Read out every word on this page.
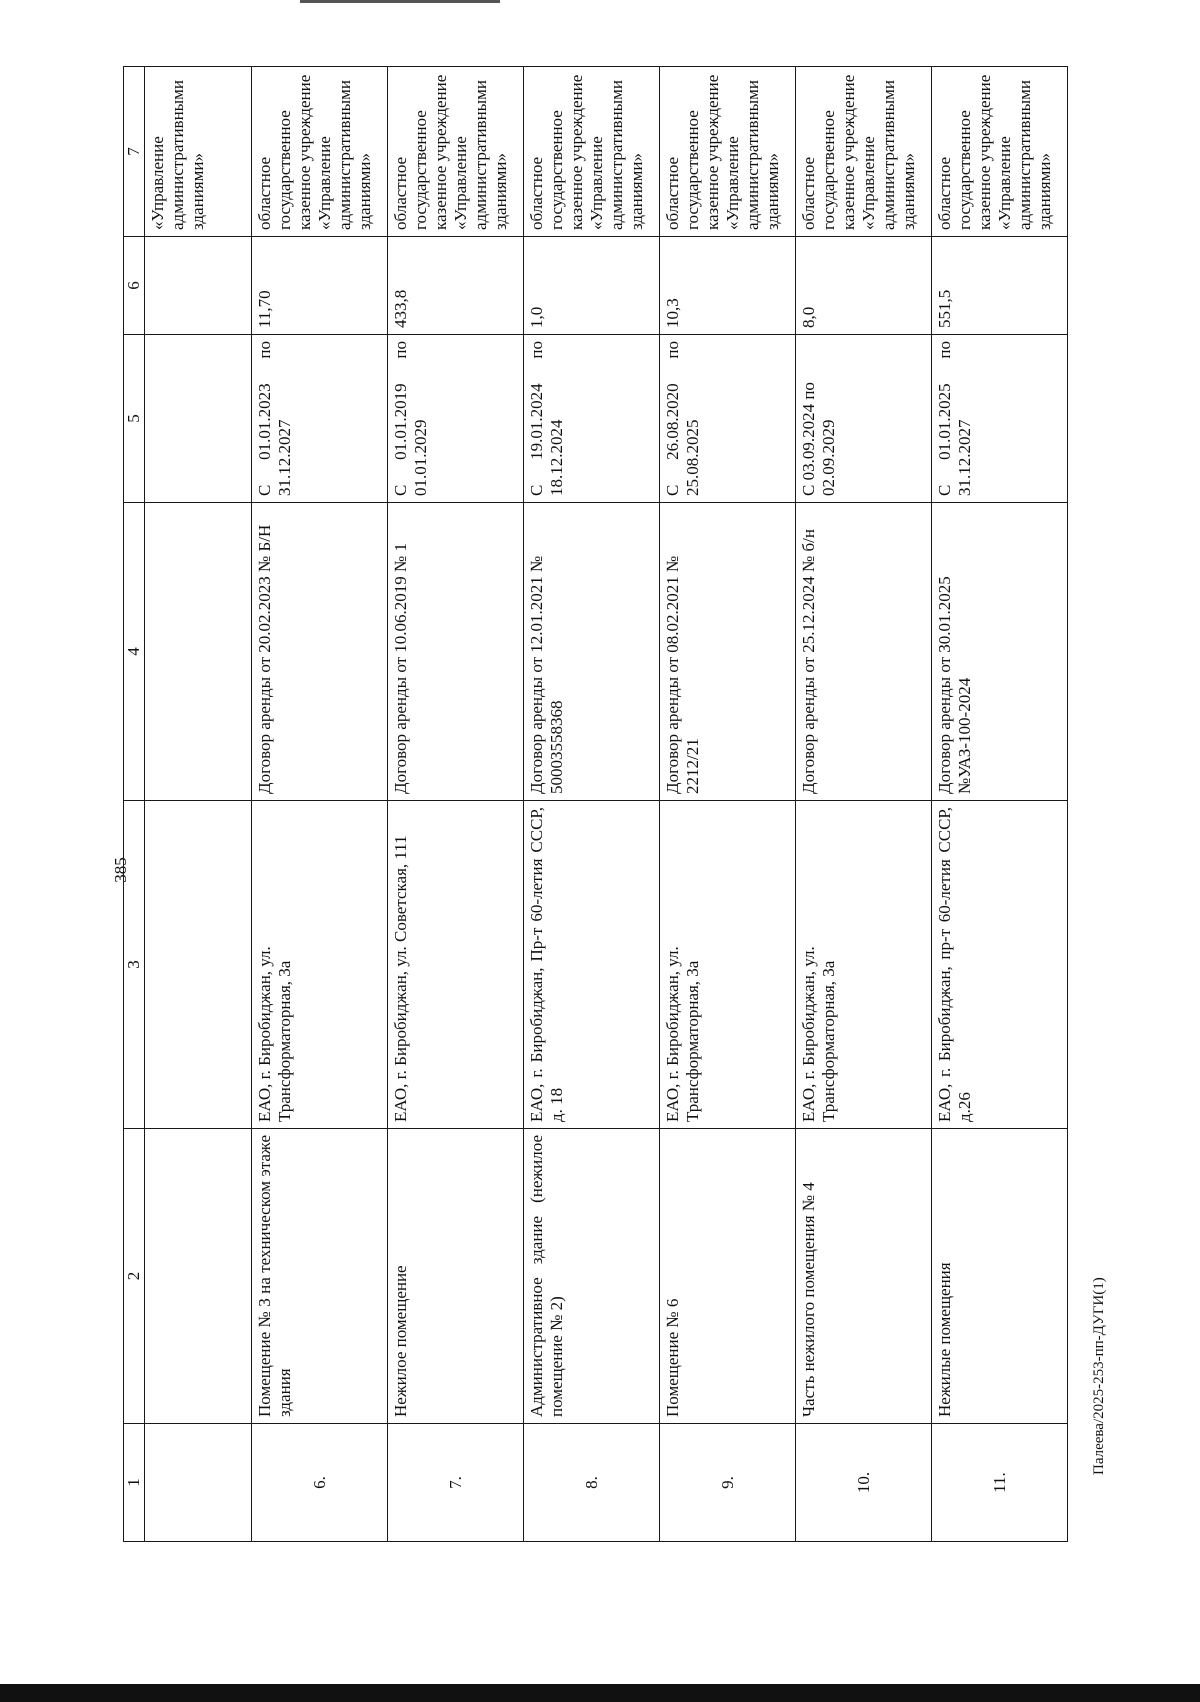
385
1	2	3	4	5	6	7
						«Управление административными зданиями»
6.	Помещение № 3 на техническом этаже здания	ЕАО, г. Биробиджан, ул. Трансформаторная, 3а	Договор аренды от 20.02.2023 № Б/Н	С 01.01.2023 по 31.12.2027	11,70	областное государственное казенное учреждение «Управление административными зданиями»
7.	Нежилое помещение	ЕАО, г. Биробиджан, ул. Советская, 111	Договор аренды от 10.06.2019 № 1	С 01.01.2019 по 01.01.2029	433,8	областное государственное казенное учреждение «Управление административными зданиями»
8.	Административное здание (нежилое помещение № 2)	ЕАО, г. Биробиджан, Пр-т 60-летия СССР, д. 18	Договор аренды от 12.01.2021 № 50003558368	С 19.01.2024 по 18.12.2024	1,0	областное государственное казенное учреждение «Управление административными зданиями»
9.	Помещение № 6	ЕАО, г. Биробиджан, ул. Трансформаторная, 3а	Договор аренды от 08.02.2021 № 2212/21	С 26.08.2020 по 25.08.2025	10,3	областное государственное казенное учреждение «Управление административными зданиями»
10.	Часть нежилого помещения № 4	ЕАО, г. Биробиджан, ул. Трансформаторная, 3а	Договор аренды от 25.12.2024 № б/н	С 03.09.2024 по 02.09.2029	8,0	областное государственное казенное учреждение «Управление административными зданиями»
11.	Нежилые помещения	ЕАО, г. Биробиджан, пр-т 60-летия СССР, д.26	Договор аренды от 30.01.2025 №УАЗ-100-2024	С 01.01.2025 по 31.12.2027	551,5	областное государственное казенное учреждение «Управление административными зданиями»
Палеева/2025-253-пп-ДУГИ(1)
